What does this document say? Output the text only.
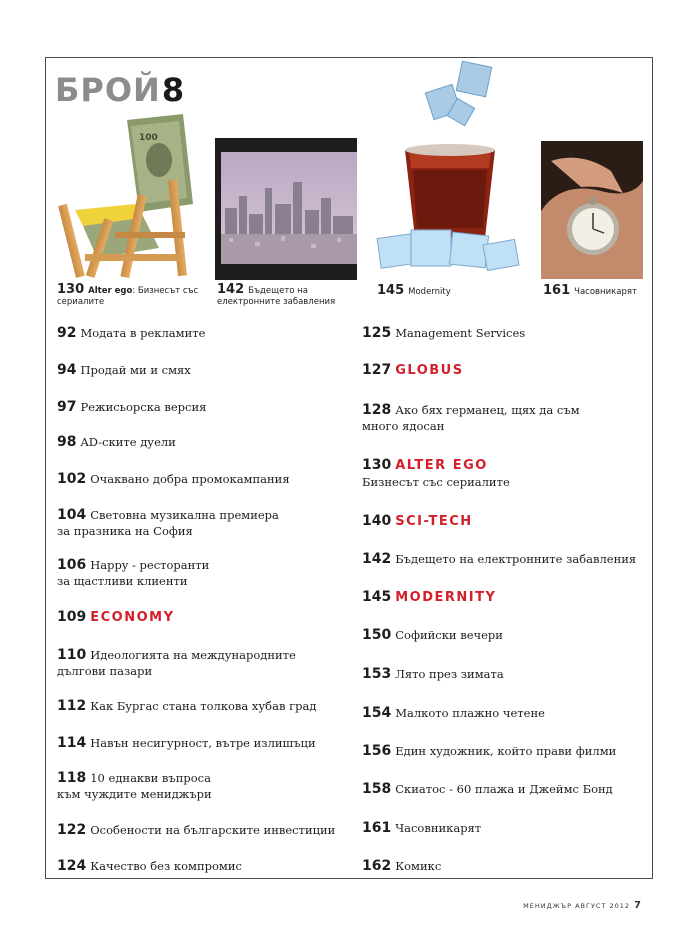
БРОЙ8
100
130 Alter ego: Бизнесът със сериалите
142 Бъдещето на електронните забавления
145 Modernity	161 Часовникарят
92 Модата в рекламите
94 Продай ми и смях
97 Режисьорска версия
98 AD-ските дуели
102 Очаквано добра промокампания
104 Световна музикална премиера
за празника на София
106 Happy - ресторанти
за щастливи клиенти
109 ECONOMY
110 Идеологията на международните
дългови пазари
112 Как Бургас стана толкова хубав град
114 Навън несигурност, вътре излишъци
118 10 еднакви въпроса
към чуждите мениджъри
122 Особености на българските инвестиции
124 Качество без компромис
125 Management Services
127 GLOBUS
128 Ако бях германец, щях да съм
много ядосан
130 ALTER EGO
Бизнесът със сериалите
140 SCI-TECH
142 Бъдещето на електронните забавления
145 MODERNITY
150 Софийски вечери
153 Лято през зимата
154 Малкото плажно четене
156 Един художник, който прави филми
158 Скиатос - 60 плажа и Джеймс Бонд
161 Часовникарят
162 Комикс
МЕНИДЖЪР АВГУСТ 2012 7
